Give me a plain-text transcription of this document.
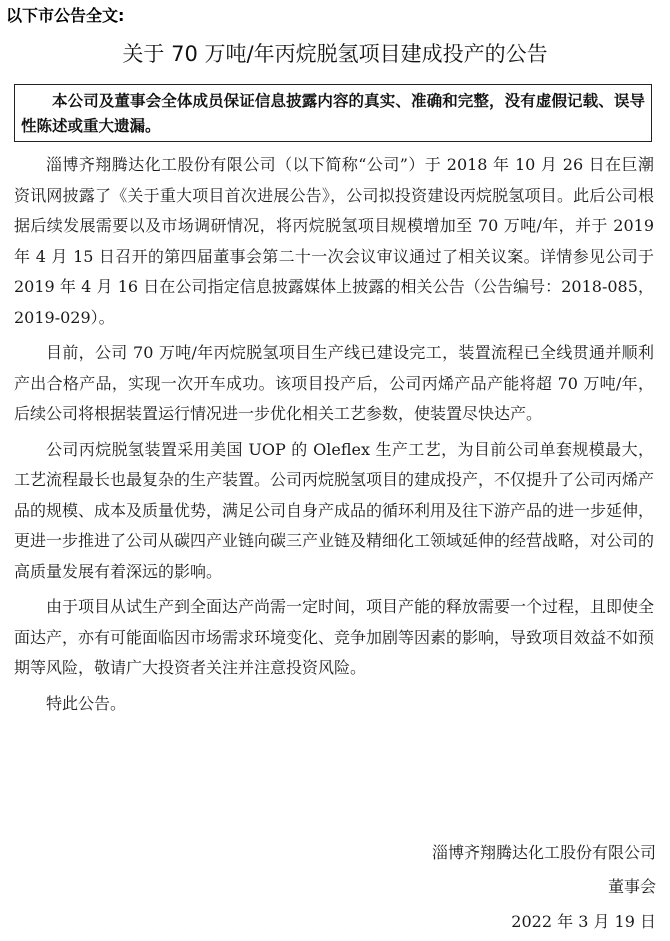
以下市公告全文:
关于 70 万吨/年丙烷脱氢项目建成投产的公告
本公司及董事会全体成员保证信息披露内容的真实、准确和完整，没有虚假记载、误导性陈述或重大遗漏。

淄博齐翔腾达化工股份有限公司（以下简称“公司”）于 2018 年 10 月 26 日在巨潮资讯网披露了《关于重大项目首次进展公告》，公司拟投资建设丙烷脱氢项目。此后公司根据后续发展需要以及市场调研情况，将丙烷脱氢项目规模增加至 70 万吨/年，并于 2019 年 4 月 15 日召开的第四届董事会第二十一次会议审议通过了相关议案。详情参见公司于 2019 年 4 月 16 日在公司指定信息披露媒体上披露的相关公告（公告编号：2018-085，2019-029）。

目前，公司 70 万吨/年丙烷脱氢项目生产线已建设完工，装置流程已全线贯通并顺利产出合格产品，实现一次开车成功。该项目投产后，公司丙烯产品产能将超 70 万吨/年，后续公司将根据装置运行情况进一步优化相关工艺参数，使装置尽快达产。

公司丙烷脱氢装置采用美国 UOP 的 Oleflex 生产工艺，为目前公司单套规模最大，工艺流程最长也最复杂的生产装置。公司丙烷脱氢项目的建成投产，不仅提升了公司丙烯产品的规模、成本及质量优势，满足公司自身产成品的循环利用及往下游产品的进一步延伸，更进一步推进了公司从碳四产业链向碳三产业链及精细化工领域延伸的经营战略，对公司的高质量发展有着深远的影响。

由于项目从试生产到全面达产尚需一定时间，项目产能的释放需要一个过程，且即使全面达产，亦有可能面临因市场需求环境变化、竞争加剧等因素的影响，导致项目效益不如预期等风险，敬请广大投资者关注并注意投资风险。

特此公告。

淄博齐翔腾达化工股份有限公司
董事会
2022 年 3 月 19 日
